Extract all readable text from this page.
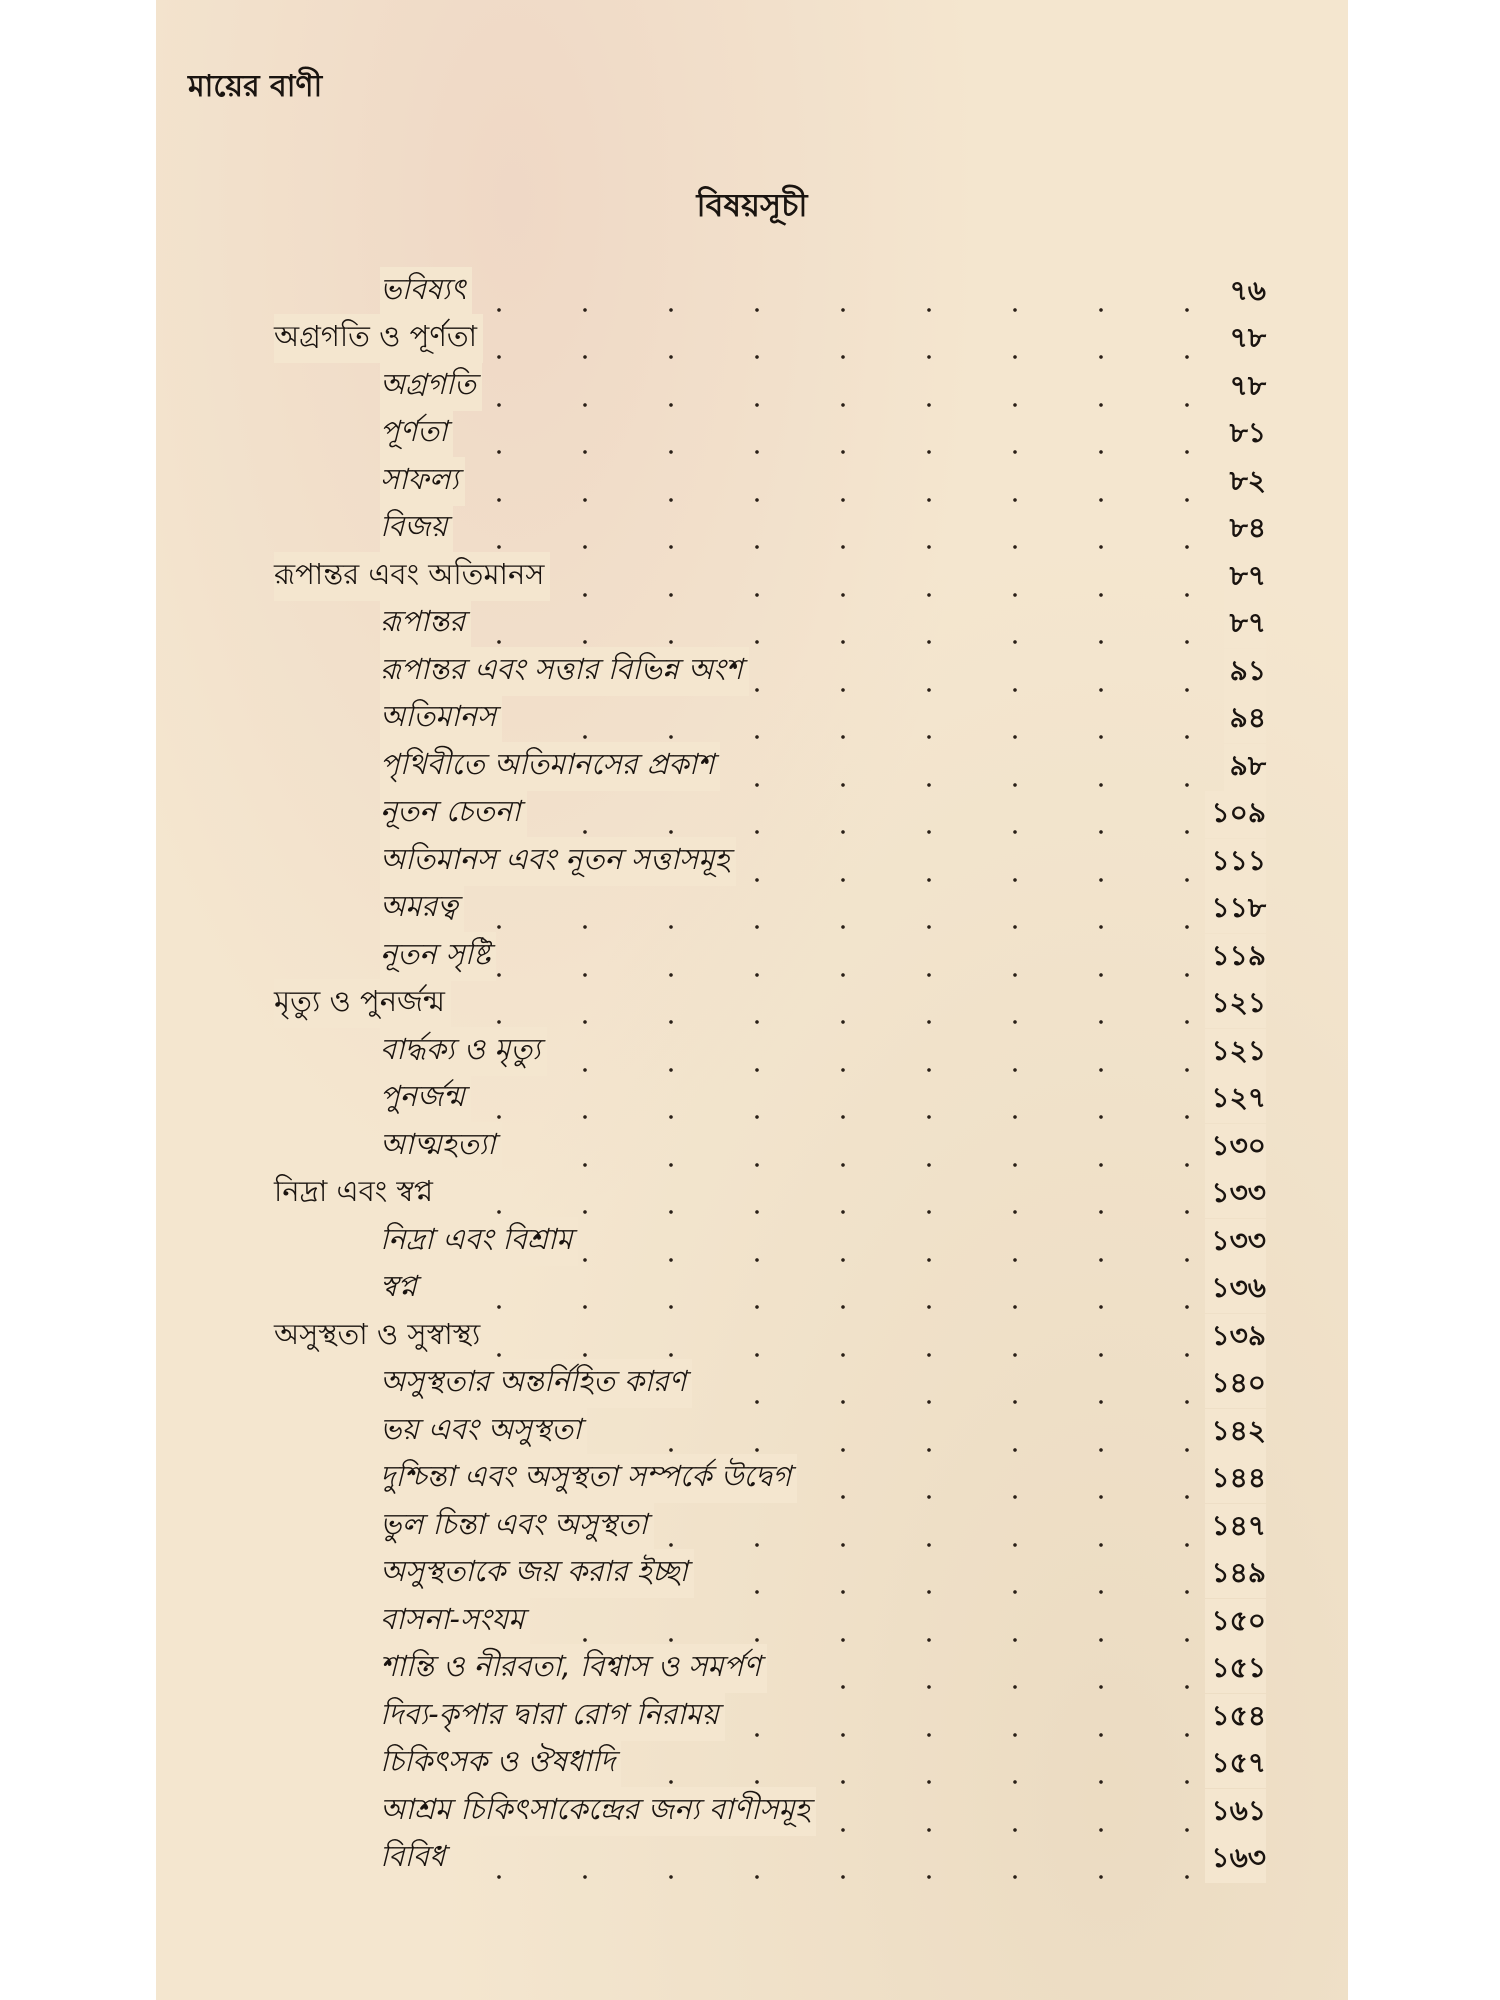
মায়ের বাণী
বিষয়সূচী
ভবিষ্যৎ	৭৬
অগ্রগতি ও পূর্ণতা	৭৮
অগ্রগতি	৭৮
পূর্ণতা	৮১
সাফল্য	৮২
বিজয়	৮৪
রূপান্তর এবং অতিমানস	৮৭
রূপান্তর	৮৭
রূপান্তর এবং সত্তার বিভিন্ন অংশ	৯১
অতিমানস	৯৪
পৃথিবীতে অতিমানসের প্রকাশ	৯৮
নূতন চেতনা	১০৯
অতিমানস এবং নূতন সত্তাসমূহ	১১১
অমরত্ব	১১৮
নূতন সৃষ্টি	১১৯
মৃত্যু ও পুনর্জন্ম	১২১
বার্দ্ধক্য ও মৃত্যু	১২১
পুনর্জন্ম	১২৭
আত্মহত্যা	১৩০
নিদ্রা এবং স্বপ্ন	১৩৩
নিদ্রা এবং বিশ্রাম	১৩৩
স্বপ্ন	১৩৬
অসুস্থতা ও সুস্বাস্থ্য	১৩৯
অসুস্থতার অন্তর্নিহিত কারণ	১৪০
ভয় এবং অসুস্থতা	১৪২
দুশ্চিন্তা এবং অসুস্থতা সম্পর্কে উদ্বেগ	১৪৪
ভুল চিন্তা এবং অসুস্থতা	১৪৭
অসুস্থতাকে জয় করার ইচ্ছা	১৪৯
বাসনা-সংযম	১৫০
শান্তি ও নীরবতা, বিশ্বাস ও সমর্পণ	১৫১
দিব্য-কৃপার দ্বারা রোগ নিরাময়	১৫৪
চিকিৎসক ও ঔষধাদি	১৫৭
আশ্রম চিকিৎসাকেন্দ্রের জন্য বাণীসমূহ	১৬১
বিবিধ	১৬৩
